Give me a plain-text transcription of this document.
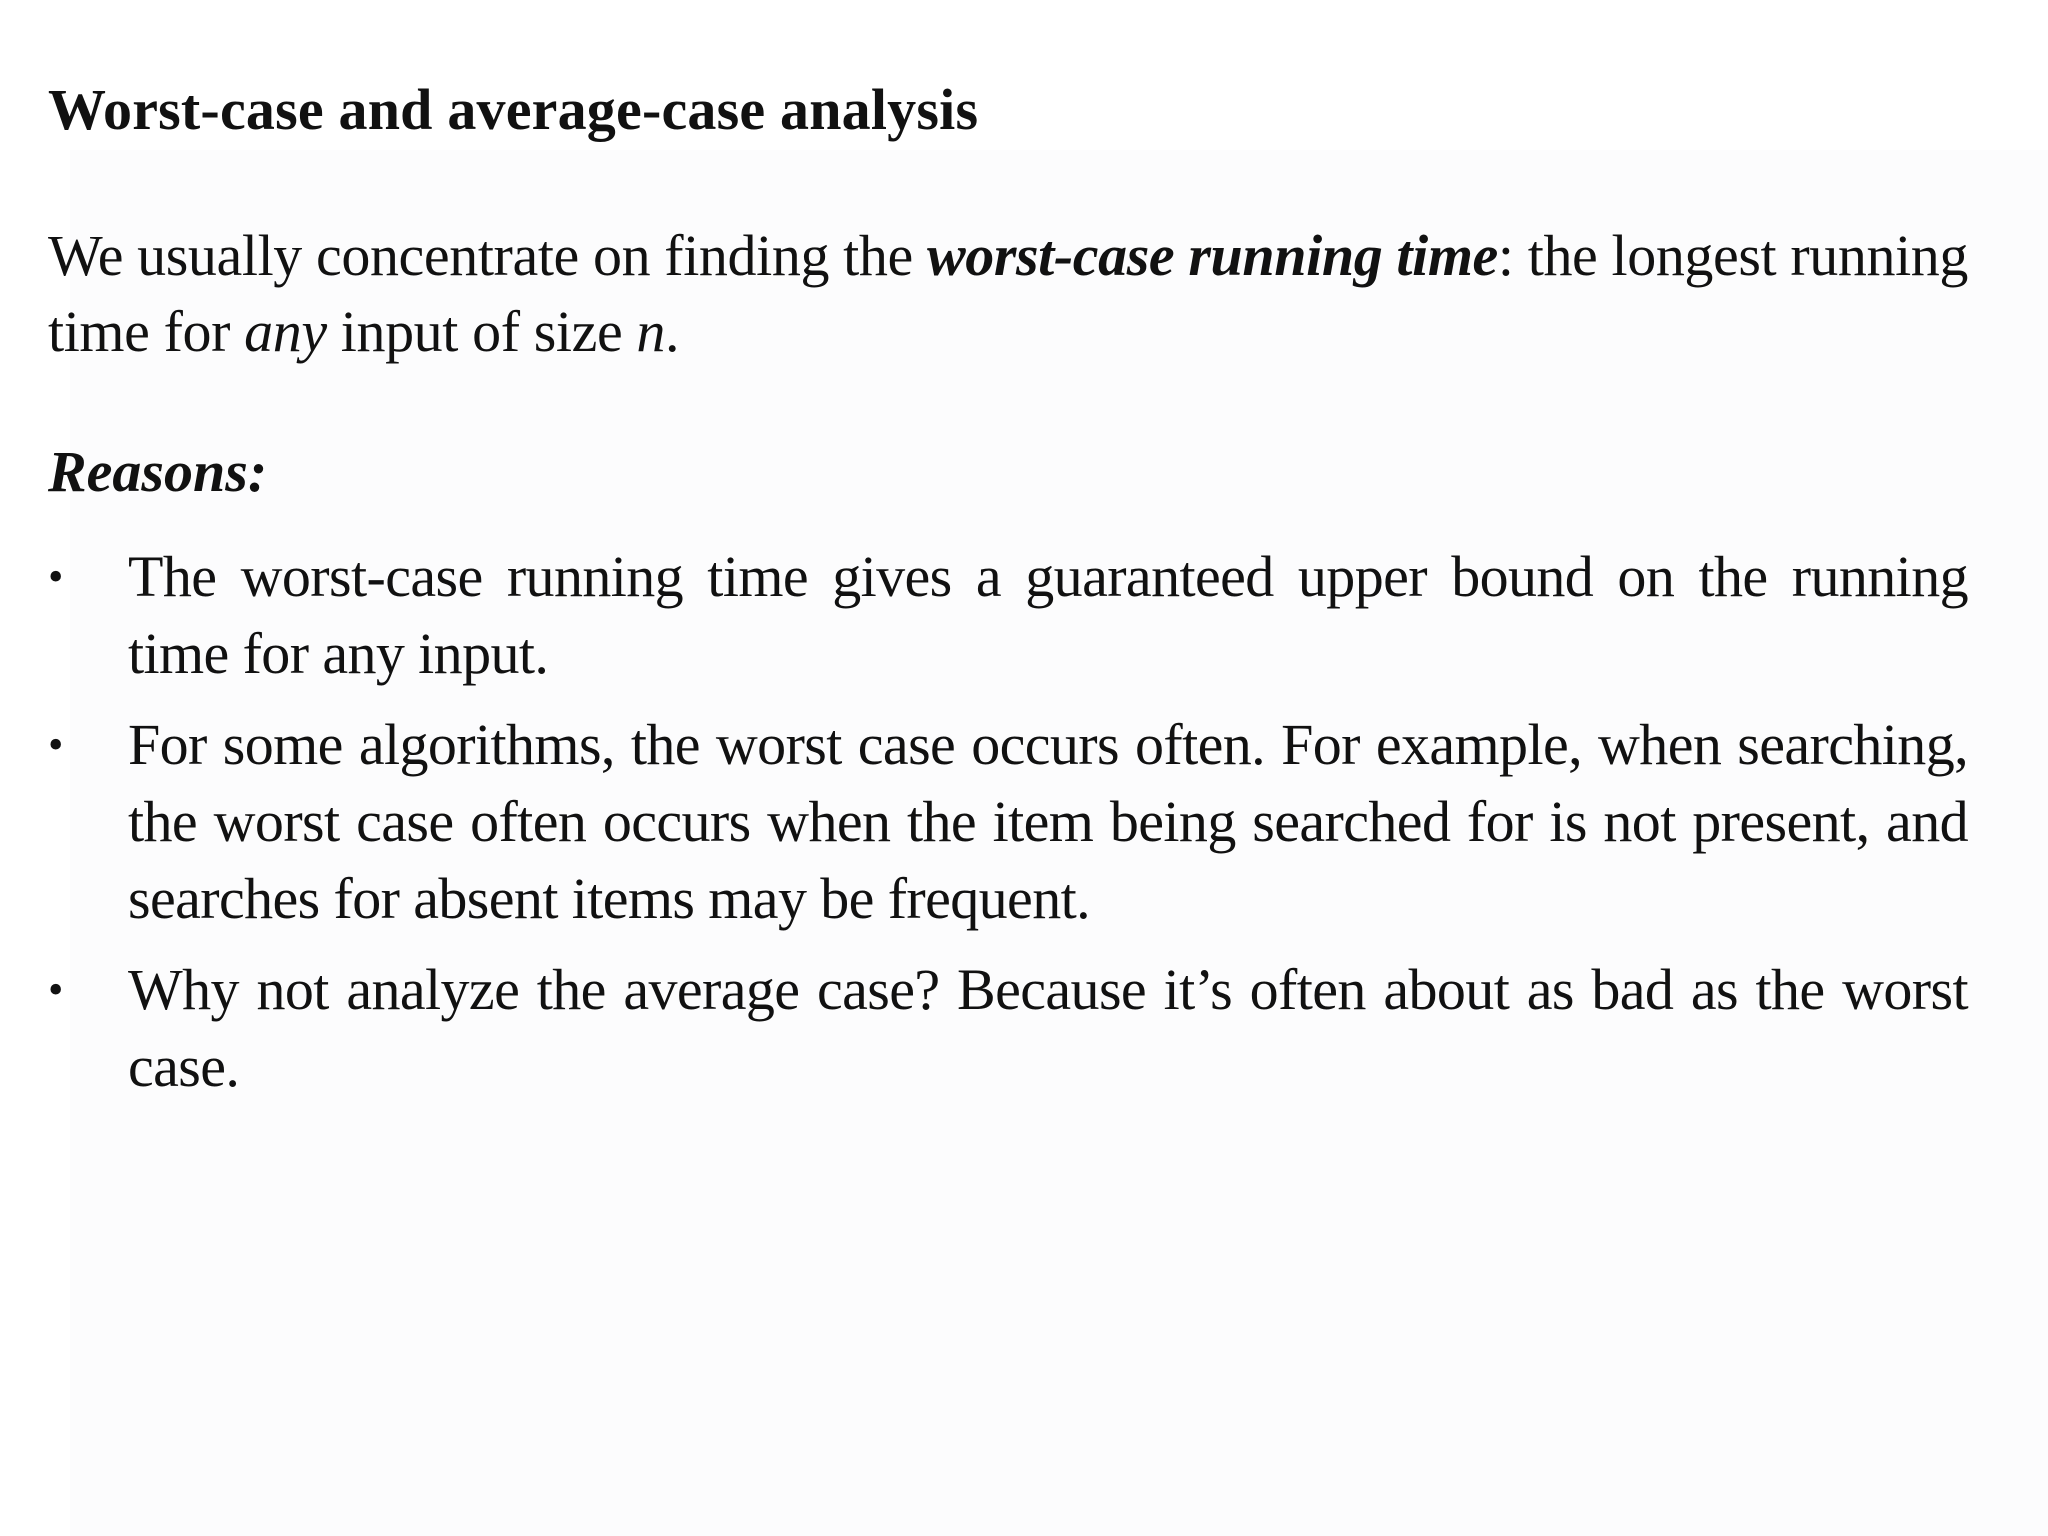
Worst-case and average-case analysis

We usually concentrate on finding the worst-case running time: the longest running time for any input of size n.

Reasons:
• The worst-case running time gives a guaranteed upper bound on the running time for any input.
• For some algorithms, the worst case occurs often. For example, when searching, the worst case often occurs when the item being searched for is not present, and searches for absent items may be frequent.
• Why not analyze the average case? Because it’s often about as bad as the worst case.
